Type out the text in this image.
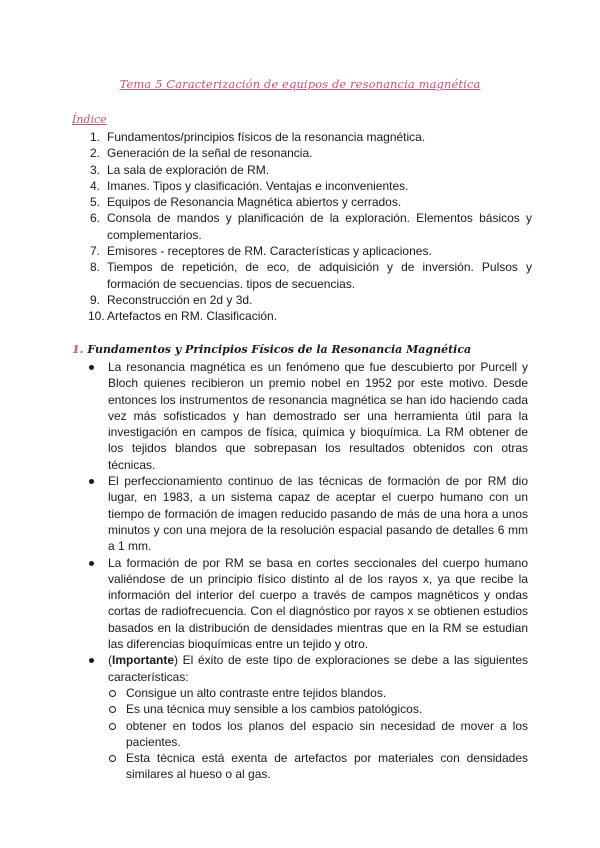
Tema 5 Caracterización de equipos de resonancia magnética
Índice
1. Fundamentos/principios físicos de la resonancia magnética.
2. Generación de la señal de resonancia.
3. La sala de exploración de RM.
4. Imanes. Tipos y clasificación. Ventajas e inconvenientes.
5. Equipos de Resonancia Magnética abiertos y cerrados.
6. Consola de mandos y planificación de la exploración. Elementos básicos y complementarios.
7. Emisores - receptores de RM. Características y aplicaciones.
8. Tiempos de repetición, de eco, de adquisición y de inversión. Pulsos y formación de secuencias. tipos de secuencias.
9. Reconstrucción en 2d y 3d.
10. Artefactos en RM. Clasificación.
1. Fundamentos y Principios Físicos de la Resonancia Magnética
La resonancia magnética es un fenómeno que fue descubierto por Purcell y Bloch quienes recibieron un premio nobel en 1952 por este motivo. Desde entonces los instrumentos de resonancia magnética se han ido haciendo cada vez más sofisticados y han demostrado ser una herramienta útil para la investigación en campos de física, química y bioquímica. La RM obtener de los tejidos blandos que sobrepasan los resultados obtenidos con otras técnicas.
El perfeccionamiento continuo de las técnicas de formación de por RM dio lugar, en 1983, a un sistema capaz de aceptar el cuerpo humano con un tiempo de formación de imagen reducido pasando de más de una hora a unos minutos y con una mejora de la resolución espacial pasando de detalles 6 mm a 1 mm.
La formación de por RM se basa en cortes seccionales del cuerpo humano valiéndose de un principio físico distinto al de los rayos x, ya que recibe la información del interior del cuerpo a través de campos magnéticos y ondas cortas de radiofrecuencia. Con el diagnóstico por rayos x se obtienen estudios basados en la distribución de densidades mientras que en la RM se estudian las diferencias bioquímicas entre un tejido y otro.
(Importante) El éxito de este tipo de exploraciones se debe a las siguientes características:
Consigue un alto contraste entre tejidos blandos.
Es una técnica muy sensible a los cambios patológicos.
obtener en todos los planos del espacio sin necesidad de mover a los pacientes.
Esta técnica está exenta de artefactos por materiales con densidades similares al hueso o al gas.
